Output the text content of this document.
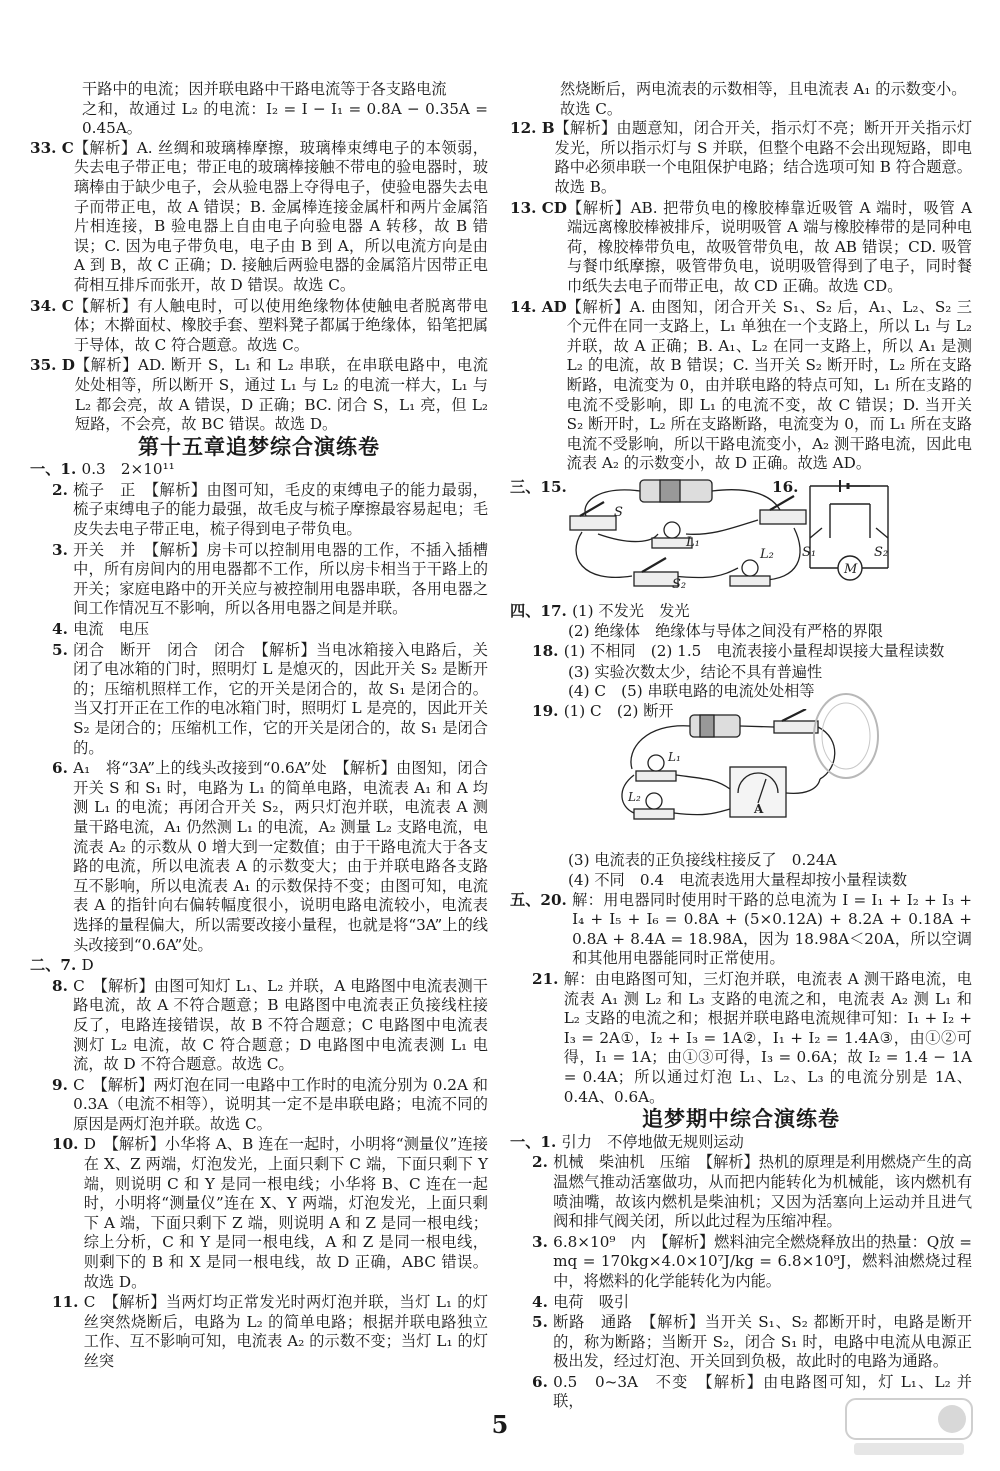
干路中的电流；因并联电路中干路电流等于各支路电流
之和，故通过 L₂ 的电流：I₂ = I − I₁ = 0.8A − 0.35A = 0.45A。
33. C 【解析】A. 丝绸和玻璃棒摩擦，玻璃棒束缚电子的本领弱，失去电子带正电；带正电的玻璃棒接触不带电的验电器时，玻璃棒由于缺少电子，会从验电器上夺得电子，使验电器失去电子而带正电，故 A 错误；B. 金属棒连接金属杆和两片金属箔片相连接，B 验电器上自由电子向验电器 A 转移，故 B 错误；C. 因为电子带负电，电子由 B 到 A，所以电流方向是由 A 到 B，故 C 正确；D. 接触后两验电器的金属箔片因带正电荷相互排斥而张开，故 D 错误。故选 C。
34. C 【解析】有人触电时，可以使用绝缘物体使触电者脱离带电体；木擀面杖、橡胶手套、塑料凳子都属于绝缘体，铅笔把属于导体，故 C 符合题意。故选 C。
35. D 【解析】AD. 断开 S，L₁ 和 L₂ 串联，在串联电路中，电流处处相等，所以断开 S，通过 L₁ 与 L₂ 的电流一样大，L₁ 与 L₂ 都会亮，故 A 错误，D 正确；BC. 闭合 S，L₁ 亮，但 L₂ 短路，不会亮，故 BC 错误。故选 D。
第十五章追梦综合演练卷
一、1. 0.3　2×10¹¹
2. 梳子　正　【解析】由图可知，毛皮的束缚电子的能力最弱，梳子束缚电子的能力最强，故毛皮与梳子摩擦最容易起电；毛皮失去电子带正电，梳子得到电子带负电。
3. 开关　并　【解析】房卡可以控制用电器的工作，不插入插槽中，所有房间内的用电器都不工作，所以房卡相当于干路上的开关；家庭电路中的开关应与被控制用电器串联，各用电器之间工作情况互不影响，所以各用电器之间是并联。
4. 电流　电压
5. 闭合　断开　闭合　闭合　【解析】当电冰箱接入电路后，关闭了电冰箱的门时，照明灯 L 是熄灭的，因此开关 S₂ 是断开的；压缩机照样工作，它的开关是闭合的，故 S₁ 是闭合的。当又打开正在工作的电冰箱门时，照明灯 L 是亮的，因此开关 S₂ 是闭合的；压缩机工作，它的开关是闭合的，故 S₁ 是闭合的。
6. A₁　将“3A”上的线头改接到“0.6A”处　【解析】由图知，闭合开关 S 和 S₁ 时，电路为 L₁ 的简单电路，电流表 A₁ 和 A 均测 L₁ 的电流；再闭合开关 S₂，两只灯泡并联，电流表 A 测量干路电流，A₁ 仍然测 L₁ 的电流，A₂ 测量 L₂ 支路电流，电流表 A₂ 的示数从 0 增大到一定数值；由于干路电流大于各支路的电流，所以电流表 A 的示数变大；由于并联电路各支路互不影响，所以电流表 A₁ 的示数保持不变；由图可知，电流表 A 的指针向右偏转幅度很小，说明电路电流较小，电流表选择的量程偏大，所以需要改接小量程，也就是将“3A”上的线头改接到“0.6A”处。
二、7. D
8. C　【解析】由图可知灯 L₁、L₂ 并联，A 电路图中电流表测干路电流，故 A 不符合题意；B 电路图中电流表正负接线柱接反了，电路连接错误，故 B 不符合题意；C 电路图中电流表测灯 L₂ 电流，故 C 符合题意；D 电路图中电流表测 L₁ 电流，故 D 不符合题意。故选 C。
9. C　【解析】两灯泡在同一电路中工作时的电流分别为 0.2A 和 0.3A（电流不相等），说明其一定不是串联电路；电流不同的原因是两灯泡并联。故选 C。
10. D　【解析】小华将 A、B 连在一起时，小明将“测量仪”连接在 X、Z 两端，灯泡发光，上面只剩下 C 端，下面只剩下 Y 端，则说明 C 和 Y 是同一根电线；小华将 B、C 连在一起时，小明将“测量仪”连在 X、Y 两端，灯泡发光，上面只剩下 A 端，下面只剩下 Z 端，则说明 A 和 Z 是同一根电线；综上分析，C 和 Y 是同一根电线，A 和 Z 是同一根电线，则剩下的 B 和 X 是同一根电线，故 D 正确，ABC 错误。故选 D。
11. C　【解析】当两灯均正常发光时两灯泡并联，当灯 L₁ 的灯丝突然烧断后，电路为 L₂ 的简单电路；根据并联电路独立工作、互不影响可知，电流表 A₂ 的示数不变；当灯 L₁ 的灯丝突
然烧断后，两电流表的示数相等，且电流表 A₁ 的示数变小。
故选 C。
12. B 【解析】由题意知，闭合开关，指示灯不亮；断开开关指示灯发光，所以指示灯与 S 并联，但整个电路不会出现短路，即电路中必须串联一个电阻保护电路；结合选项可知 B 符合题意。故选 B。
13. CD 【解析】AB. 把带负电的橡胶棒靠近吸管 A 端时，吸管 A 端远离橡胶棒被排斥，说明吸管 A 端与橡胶棒带的是同种电荷，橡胶棒带负电，故吸管带负电，故 AB 错误；CD. 吸管与餐巾纸摩擦，吸管带负电，说明吸管得到了电子，同时餐巾纸失去电子而带正电，故 CD 正确。故选 CD。
14. AD 【解析】A. 由图知，闭合开关 S₁、S₂ 后，A₁、L₂、S₂ 三个元件在同一支路上，L₁ 单独在一个支路上，所以 L₁ 与 L₂ 并联，故 A 正确；B. A₁、L₂ 在同一支路上，所以 A₁ 是测 L₂ 的电流，故 B 错误；C. 当开关 S₂ 断开时，L₂ 所在支路断路，电流变为 0，由并联电路的特点可知，L₁ 所在支路的电流不受影响，即 L₁ 的电流不变，故 C 错误；D. 当开关 S₂ 断开时，L₂ 所在支路断路，电流变为 0，而 L₁ 所在支路电流不受影响，所以干路电流变小，A₂ 测干路电流，因此电流表 A₂ 的示数变小，故 D 正确。故选 AD。
三、15.
S
L₁
S₂
L₂
16.
S₁	S₂
M
四、17. (1) 不发光　发光
(2) 绝缘体　绝缘体与导体之间没有严格的界限
18. (1) 不相同　(2) 1.5　电流表接小量程却误接大量程读数
(3) 实验次数太少，结论不具有普遍性
(4) C　(5) 串联电路的电流处处相等
19. (1) C　(2) 断开
L₁
L₂
A
(3) 电流表的正负接线柱接反了　0.24A
(4) 不同　0.4　电流表选用大量程却按小量程读数
五、20. 解：用电器同时使用时干路的总电流为 I = I₁ + I₂ + I₃ + I₄ + I₅ + I₆ = 0.8A + (5×0.12A) + 8.2A + 0.18A + 0.8A + 8.4A = 18.98A，因为 18.98A＜20A，所以空调和其他用电器能同时正常使用。
21. 解：由电路图可知，三灯泡并联，电流表 A 测干路电流，电流表 A₁ 测 L₂ 和 L₃ 支路的电流之和，电流表 A₂ 测 L₁ 和 L₂ 支路的电流之和；根据并联电路电流规律可知：I₁ + I₂ + I₃ = 2A①，I₂ + I₃ = 1A②，I₁ + I₂ = 1.4A③，由①②可得，I₁ = 1A；由①③可得，I₃ = 0.6A；故 I₂ = 1.4 − 1A = 0.4A；所以通过灯泡 L₁、L₂、L₃ 的电流分别是 1A、0.4A、0.6A。
追梦期中综合演练卷
一、1. 引力　不停地做无规则运动
2. 机械　柴油机　压缩　【解析】热机的原理是利用燃烧产生的高温燃气推动活塞做功，从而把内能转化为机械能，该内燃机有喷油嘴，故该内燃机是柴油机；又因为活塞向上运动并且进气阀和排气阀关闭，所以此过程为压缩冲程。
3. 6.8×10⁹　内　【解析】燃料油完全燃烧释放出的热量：Q放 = mq = 170kg×4.0×10⁷J/kg = 6.8×10⁹J，燃料油燃烧过程中，将燃料的化学能转化为内能。
4. 电荷　吸引
5. 断路　通路　【解析】当开关 S₁、S₂ 都断开时，电路是断开的，称为断路；当断开 S₂，闭合 S₁ 时，电路中电流从电源正极出发，经过灯泡、开关回到负极，故此时的电路为通路。
6. 0.5　0~3A　不变　【解析】由电路图可知，灯 L₁、L₂ 并联，
5
